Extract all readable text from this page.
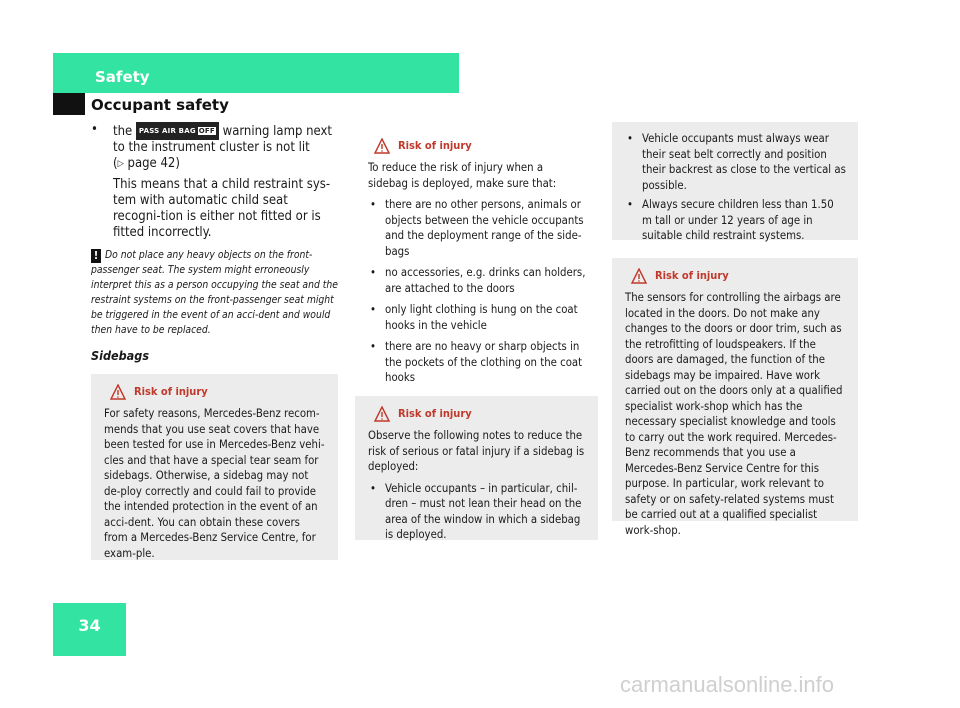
Safety
Occupant safety
• the PASS AIR BAG OFF warning lamp next to the instrument cluster is not lit
(▷ page 42)
This means that a child restraint sys-tem with automatic child seat recogni-tion is either not fitted or is fitted incorrectly.
! Do not place any heavy objects on the front-passenger seat. The system might erroneously interpret this as a person occupying the seat and the restraint systems on the front-passenger seat might be triggered in the event of an acci-dent and would then have to be replaced.
Sidebags
Risk of injury

For safety reasons, Mercedes-Benz recom-mends that you use seat covers that have been tested for use in Mercedes-Benz vehi-cles and that have a special tear seam for sidebags. Otherwise, a sidebag may not de-ploy correctly and could fail to provide the intended protection in the event of an acci-dent. You can obtain these covers from a Mercedes-Benz Service Centre, for exam-ple.

Risk of injury

To reduce the risk of injury when a sidebag is deployed, make sure that:

• there are no other persons, animals or objects between the vehicle occupants and the deployment range of the side-bags
• no accessories, e.g. drinks can holders, are attached to the doors
• only light clothing is hung on the coat hooks in the vehicle
• there are no heavy or sharp objects in the pockets of the clothing on the coat hooks
Risk of injury

Observe the following notes to reduce the risk of serious or fatal injury if a sidebag is deployed:

• Vehicle occupants – in particular, chil-dren – must not lean their head on the area of the window in which a sidebag is deployed.
• Vehicle occupants must always wear their seat belt correctly and position their backrest as close to the vertical as possible.
• Always secure children less than 1.50 m tall or under 12 years of age in suitable child restraint systems.
Risk of injury

The sensors for controlling the airbags are located in the doors. Do not make any changes to the doors or door trim, such as the retrofitting of loudspeakers. If the doors are damaged, the function of the sidebags may be impaired. Have work carried out on the doors only at a qualified specialist work-shop which has the necessary specialist knowledge and tools to carry out the work required. Mercedes-Benz recommends that you use a Mercedes-Benz Service Centre for this purpose. In particular, work relevant to safety or on safety-related systems must be carried out at a qualified specialist work-shop.

34
carmanualsonline.info
